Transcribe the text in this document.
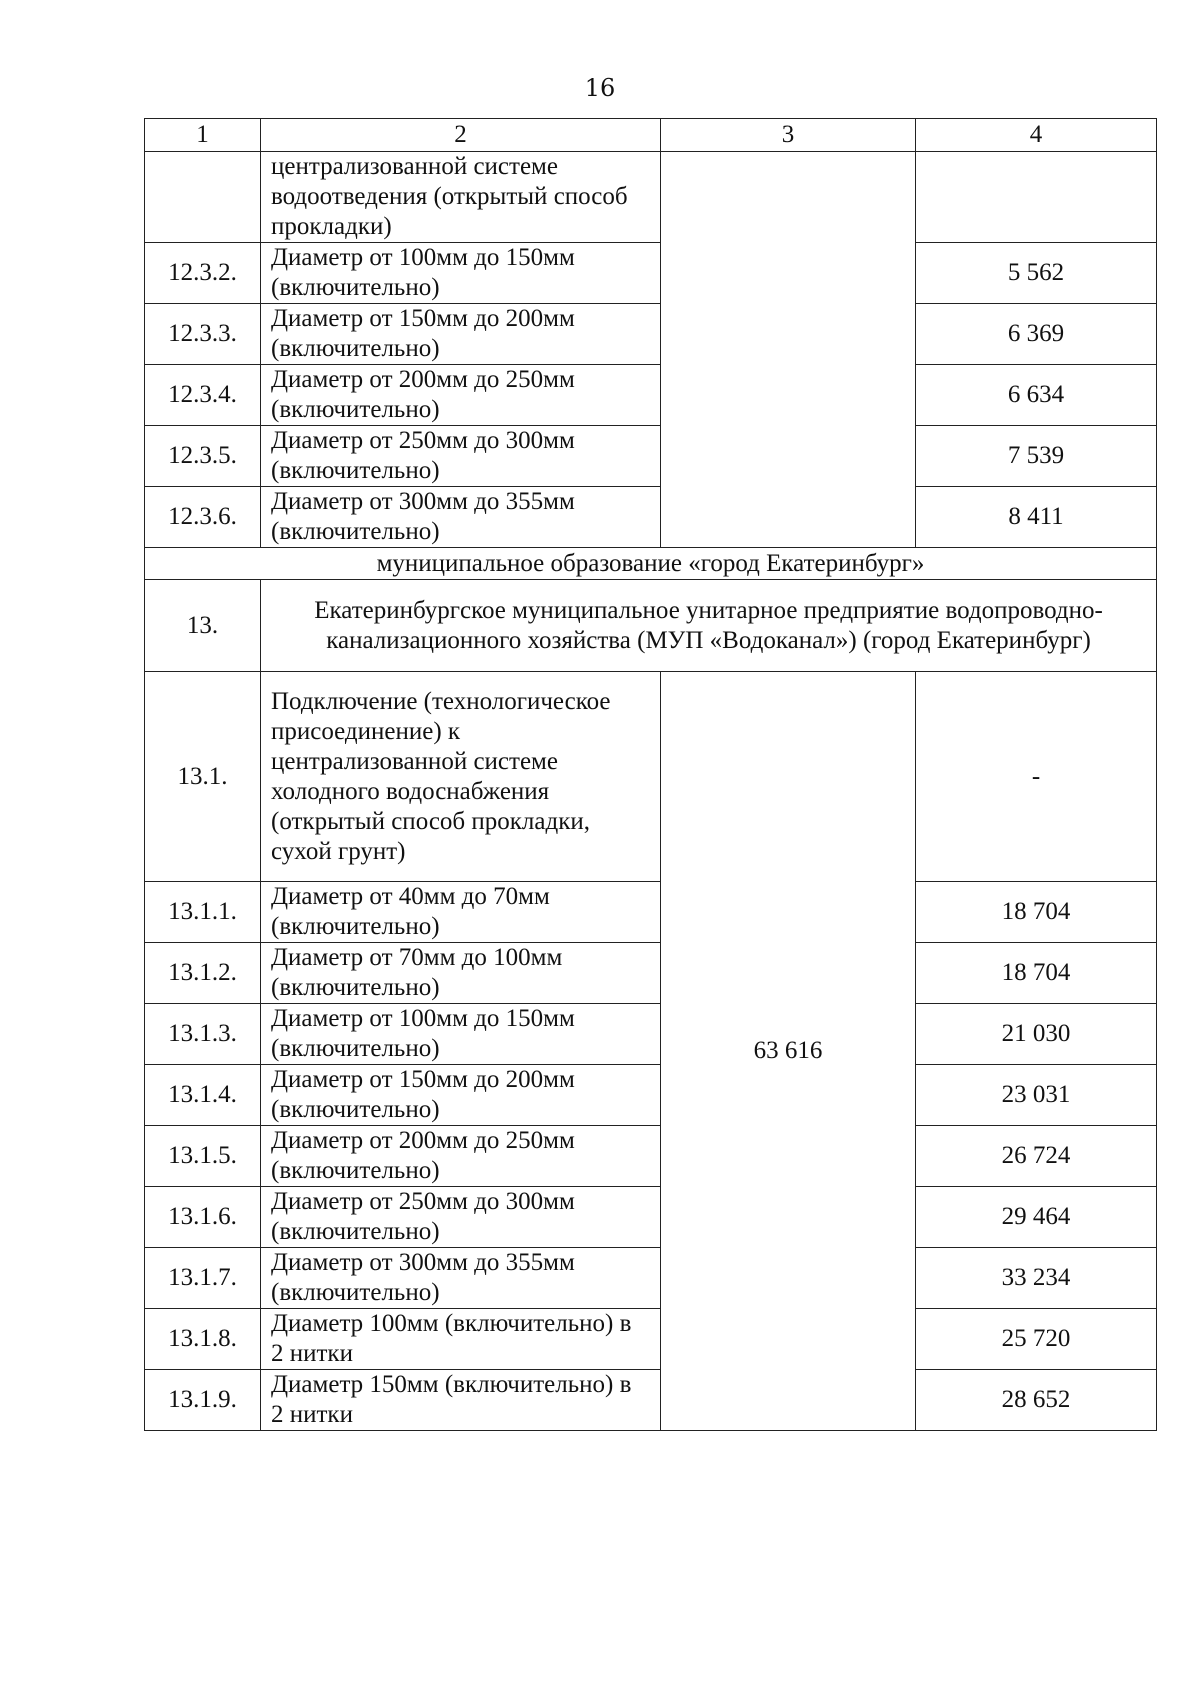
16
1	2	3	4
	централизованной системе водоотведения (открытый способ прокладки)		
12.3.2.	Диаметр от 100мм до 150мм (включительно)		5 562
12.3.3.	Диаметр от 150мм до 200мм (включительно)		6 369
12.3.4.	Диаметр от 200мм до 250мм (включительно)		6 634
12.3.5.	Диаметр от 250мм до 300мм (включительно)		7 539
12.3.6.	Диаметр от 300мм до 355мм (включительно)		8 411
муниципальное образование «город Екатеринбург»			
13.	Екатеринбургское муниципальное унитарное предприятие водопроводно-канализационного хозяйства (МУП «Водоканал») (город Екатеринбург)		
13.1.	Подключение (технологическое присоединение) к централизованной системе холодного водоснабжения (открытый способ прокладки, сухой грунт)	63 616	-
13.1.1.	Диаметр от 40мм до 70мм (включительно)		18 704
13.1.2.	Диаметр от 70мм до 100мм (включительно)		18 704
13.1.3.	Диаметр от 100мм до 150мм (включительно)		21 030
13.1.4.	Диаметр от 150мм до 200мм (включительно)		23 031
13.1.5.	Диаметр от 200мм до 250мм (включительно)		26 724
13.1.6.	Диаметр от 250мм до 300мм (включительно)		29 464
13.1.7.	Диаметр от 300мм до 355мм (включительно)		33 234
13.1.8.	Диаметр 100мм (включительно) в 2 нитки		25 720
13.1.9.	Диаметр 150мм (включительно) в 2 нитки		28 652
